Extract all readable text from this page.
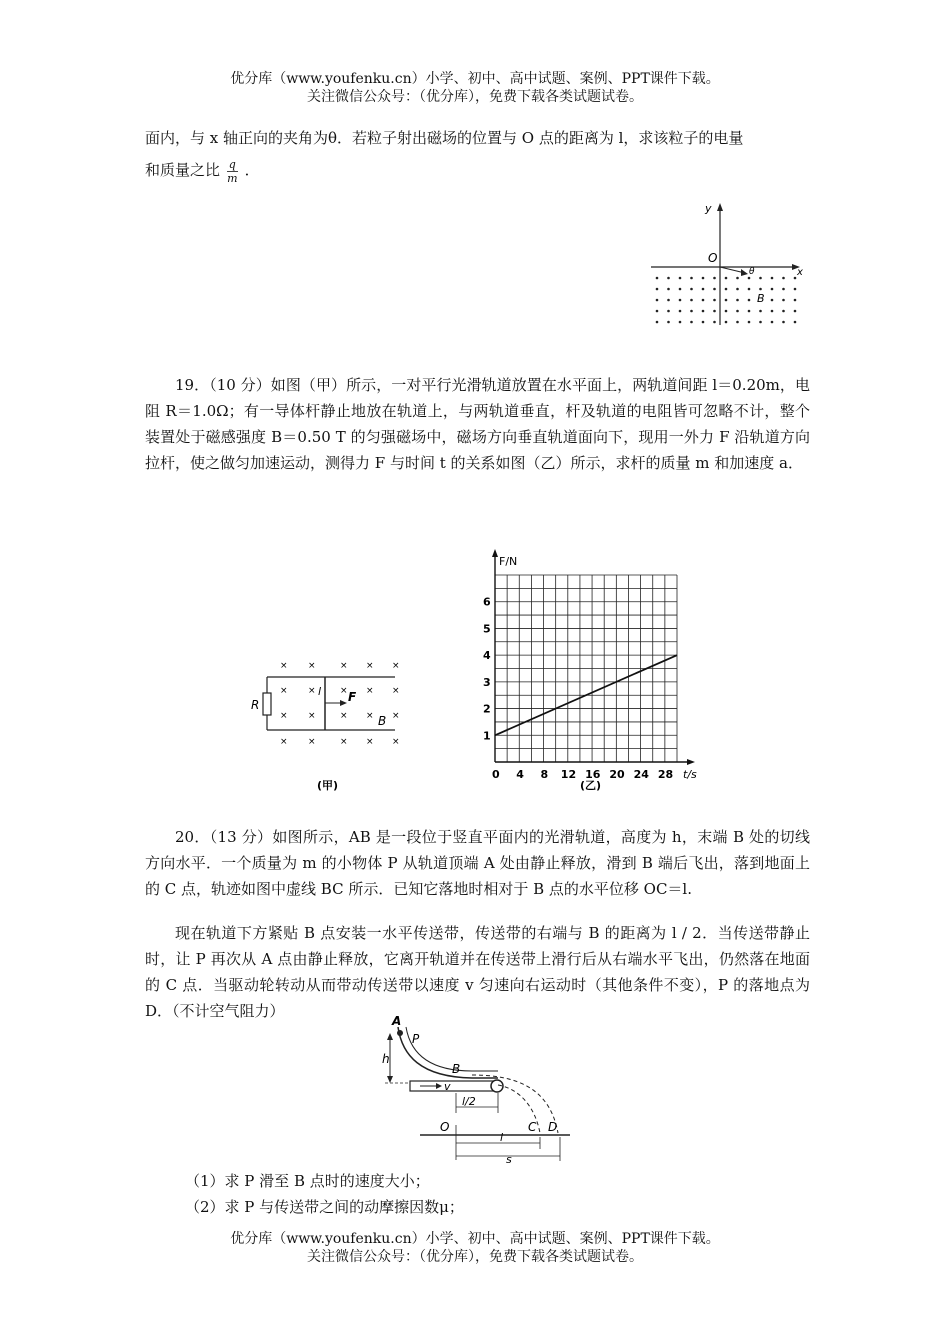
优分库（www.youfenku.cn）小学、初中、高中试题、案例、PPT课件下载。
关注微信公众号：（优分库），免费下载各类试题试卷。
面内，与 x 轴正向的夹角为θ．若粒子射出磁场的位置与 O 点的距离为 l，求该粒子的电量
和质量之比 $\frac{q}{m}$ ．
y
x
O
θ
B
19．（10 分）如图（甲）所示，一对平行光滑轨道放置在水平面上，两轨道间距 l＝0.20m，电阻 R＝1.0Ω；有一导体杆静止地放在轨道上，与两轨道垂直，杆及轨道的电阻皆可忽略不计，整个装置处于磁感强度 B＝0.50 T 的匀强磁场中，磁场方向垂直轨道面向下，现用一外力 F 沿轨道方向拉杆，使之做匀加速运动，测得力 F 与时间 t 的关系如图（乙）所示，求杆的质量 m 和加速度 a．
× ×	× × ×
× ×	× × ×
× ×	× × ×
× ×	× × ×
R
l F
B
(甲)
0 4 8 12 16 20 24 28
1
2
3
4
5
6
F/N
t/s
(乙)
20．（13 分）如图所示，AB 是一段位于竖直平面内的光滑轨道，高度为 h，末端 B 处的切线方向水平．一个质量为 m 的小物体 P 从轨道顶端 A 处由静止释放，滑到 B 端后飞出，落到地面上的 C 点，轨迹如图中虚线 BC 所示．已知它落地时相对于 B 点的水平位移 OC＝l.
现在轨道下方紧贴 B 点安装一水平传送带，传送带的右端与 B 的距离为 l / 2．当传送带静止时，让 P 再次从 A 点由静止释放，它离开轨道并在传送带上滑行后从右端水平飞出，仍然落在地面的 C 点．当驱动轮转动从而带动传送带以速度 v 匀速向右运动时（其他条件不变），P 的落地点为 D．（不计空气阻力）
A
P
h
B
v
l/2
O	C D
l
s
（1）求 P 滑至 B 点时的速度大小；
（2）求 P 与传送带之间的动摩擦因数μ；
优分库（www.youfenku.cn）小学、初中、高中试题、案例、PPT课件下载。
关注微信公众号：（优分库），免费下载各类试题试卷。
